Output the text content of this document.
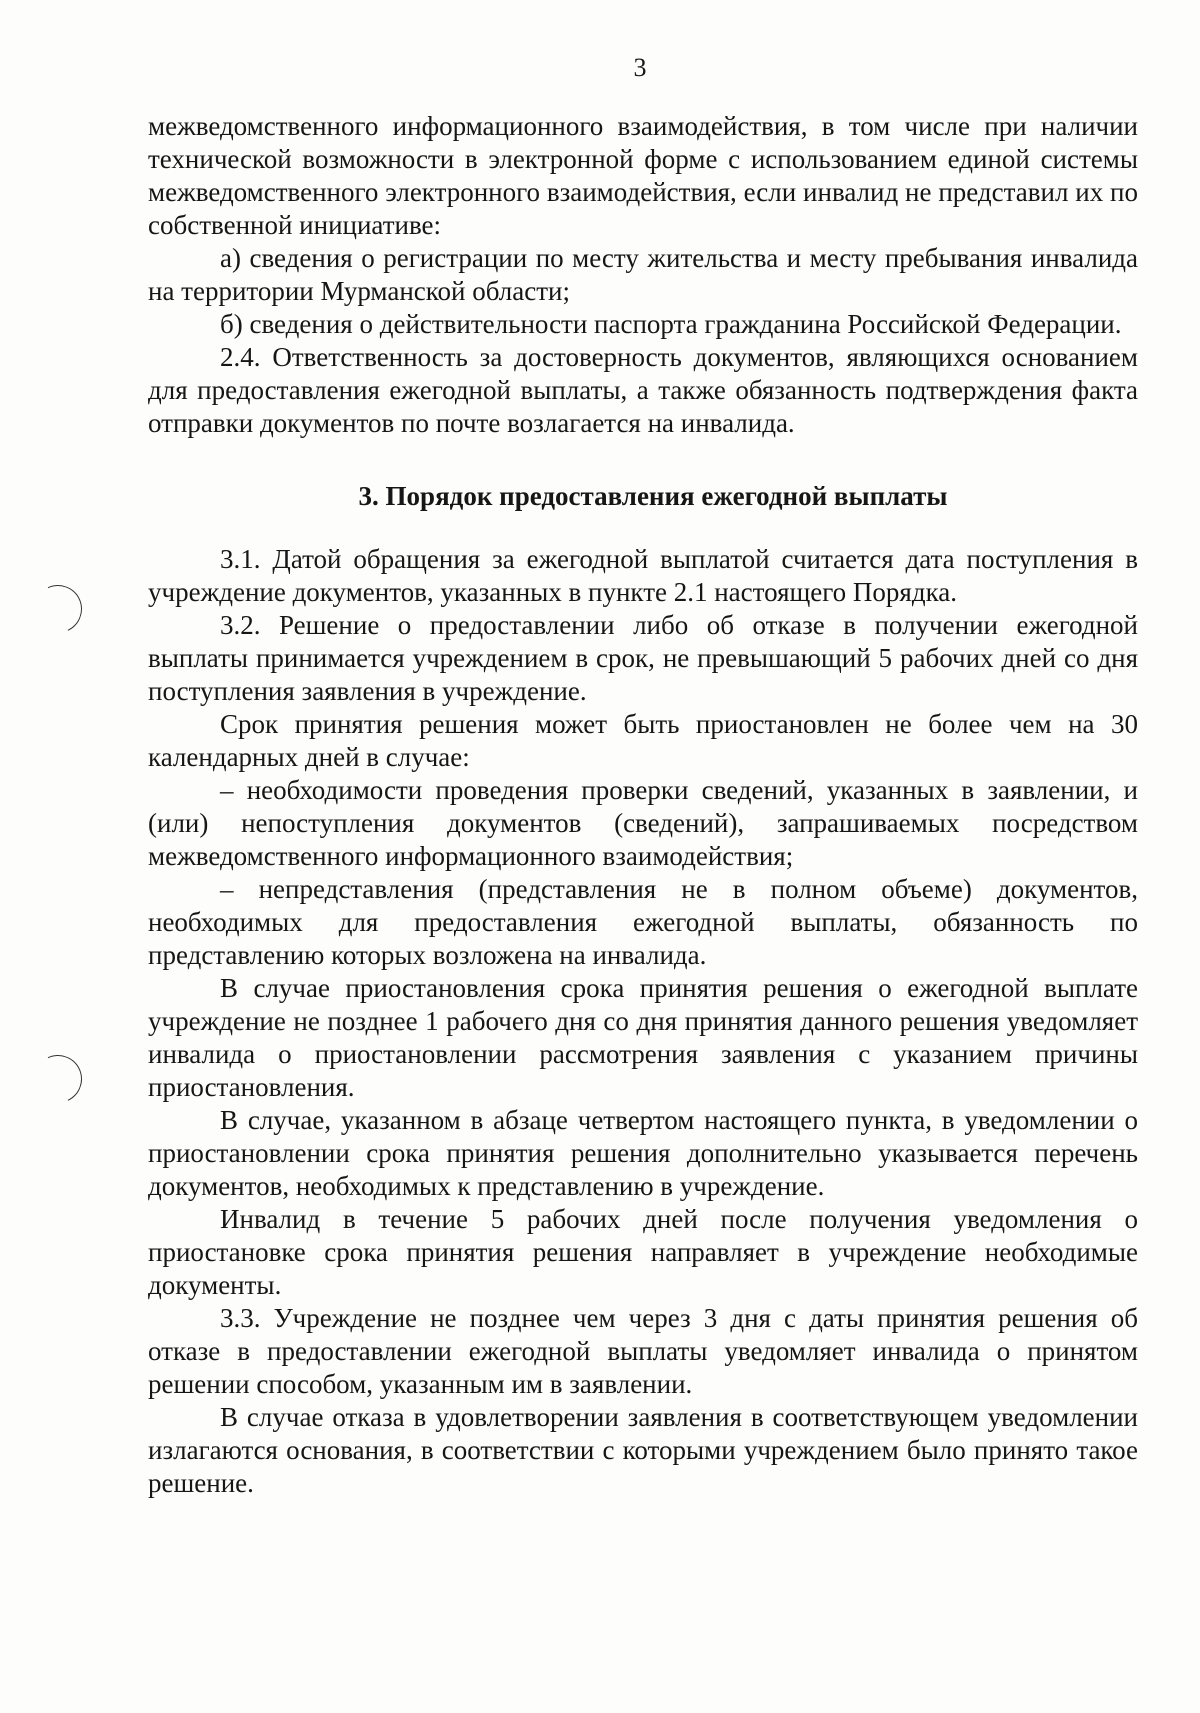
3

межведомственного информационного взаимодействия, в том числе при наличии технической возможности в электронной форме с использованием единой системы межведомственного электронного взаимодействия, если инвалид не представил их по собственной инициативе:

а) сведения о регистрации по месту жительства и месту пребывания инвалида на территории Мурманской области;

б) сведения о действительности паспорта гражданина Российской Федерации.

2.4. Ответственность за достоверность документов, являющихся основанием для предоставления ежегодной выплаты, а также обязанность подтверждения факта отправки документов по почте возлагается на инвалида.

3. Порядок предоставления ежегодной выплаты

3.1. Датой обращения за ежегодной выплатой считается дата поступления в учреждение документов, указанных в пункте 2.1 настоящего Порядка.

3.2. Решение о предоставлении либо об отказе в получении ежегодной выплаты принимается учреждением в срок, не превышающий 5 рабочих дней со дня поступления заявления в учреждение.

Срок принятия решения может быть приостановлен не более чем на 30 календарных дней в случае:

– необходимости проведения проверки сведений, указанных в заявлении, и (или) непоступления документов (сведений), запрашиваемых посредством межведомственного информационного взаимодействия;

– непредставления (представления не в полном объеме) документов, необходимых для предоставления ежегодной выплаты, обязанность по представлению которых возложена на инвалида.

В случае приостановления срока принятия решения о ежегодной выплате учреждение не позднее 1 рабочего дня со дня принятия данного решения уведомляет инвалида о приостановлении рассмотрения заявления с указанием причины приостановления.

В случае, указанном в абзаце четвертом настоящего пункта, в уведомлении о приостановлении срока принятия решения дополнительно указывается перечень документов, необходимых к представлению в учреждение.

Инвалид в течение 5 рабочих дней после получения уведомления о приостановке срока принятия решения направляет в учреждение необходимые документы.

3.3. Учреждение не позднее чем через 3 дня с даты принятия решения об отказе в предоставлении ежегодной выплаты уведомляет инвалида о принятом решении способом, указанным им в заявлении.

В случае отказа в удовлетворении заявления в соответствующем уведомлении излагаются основания, в соответствии с которыми учреждением было принято такое решение.
